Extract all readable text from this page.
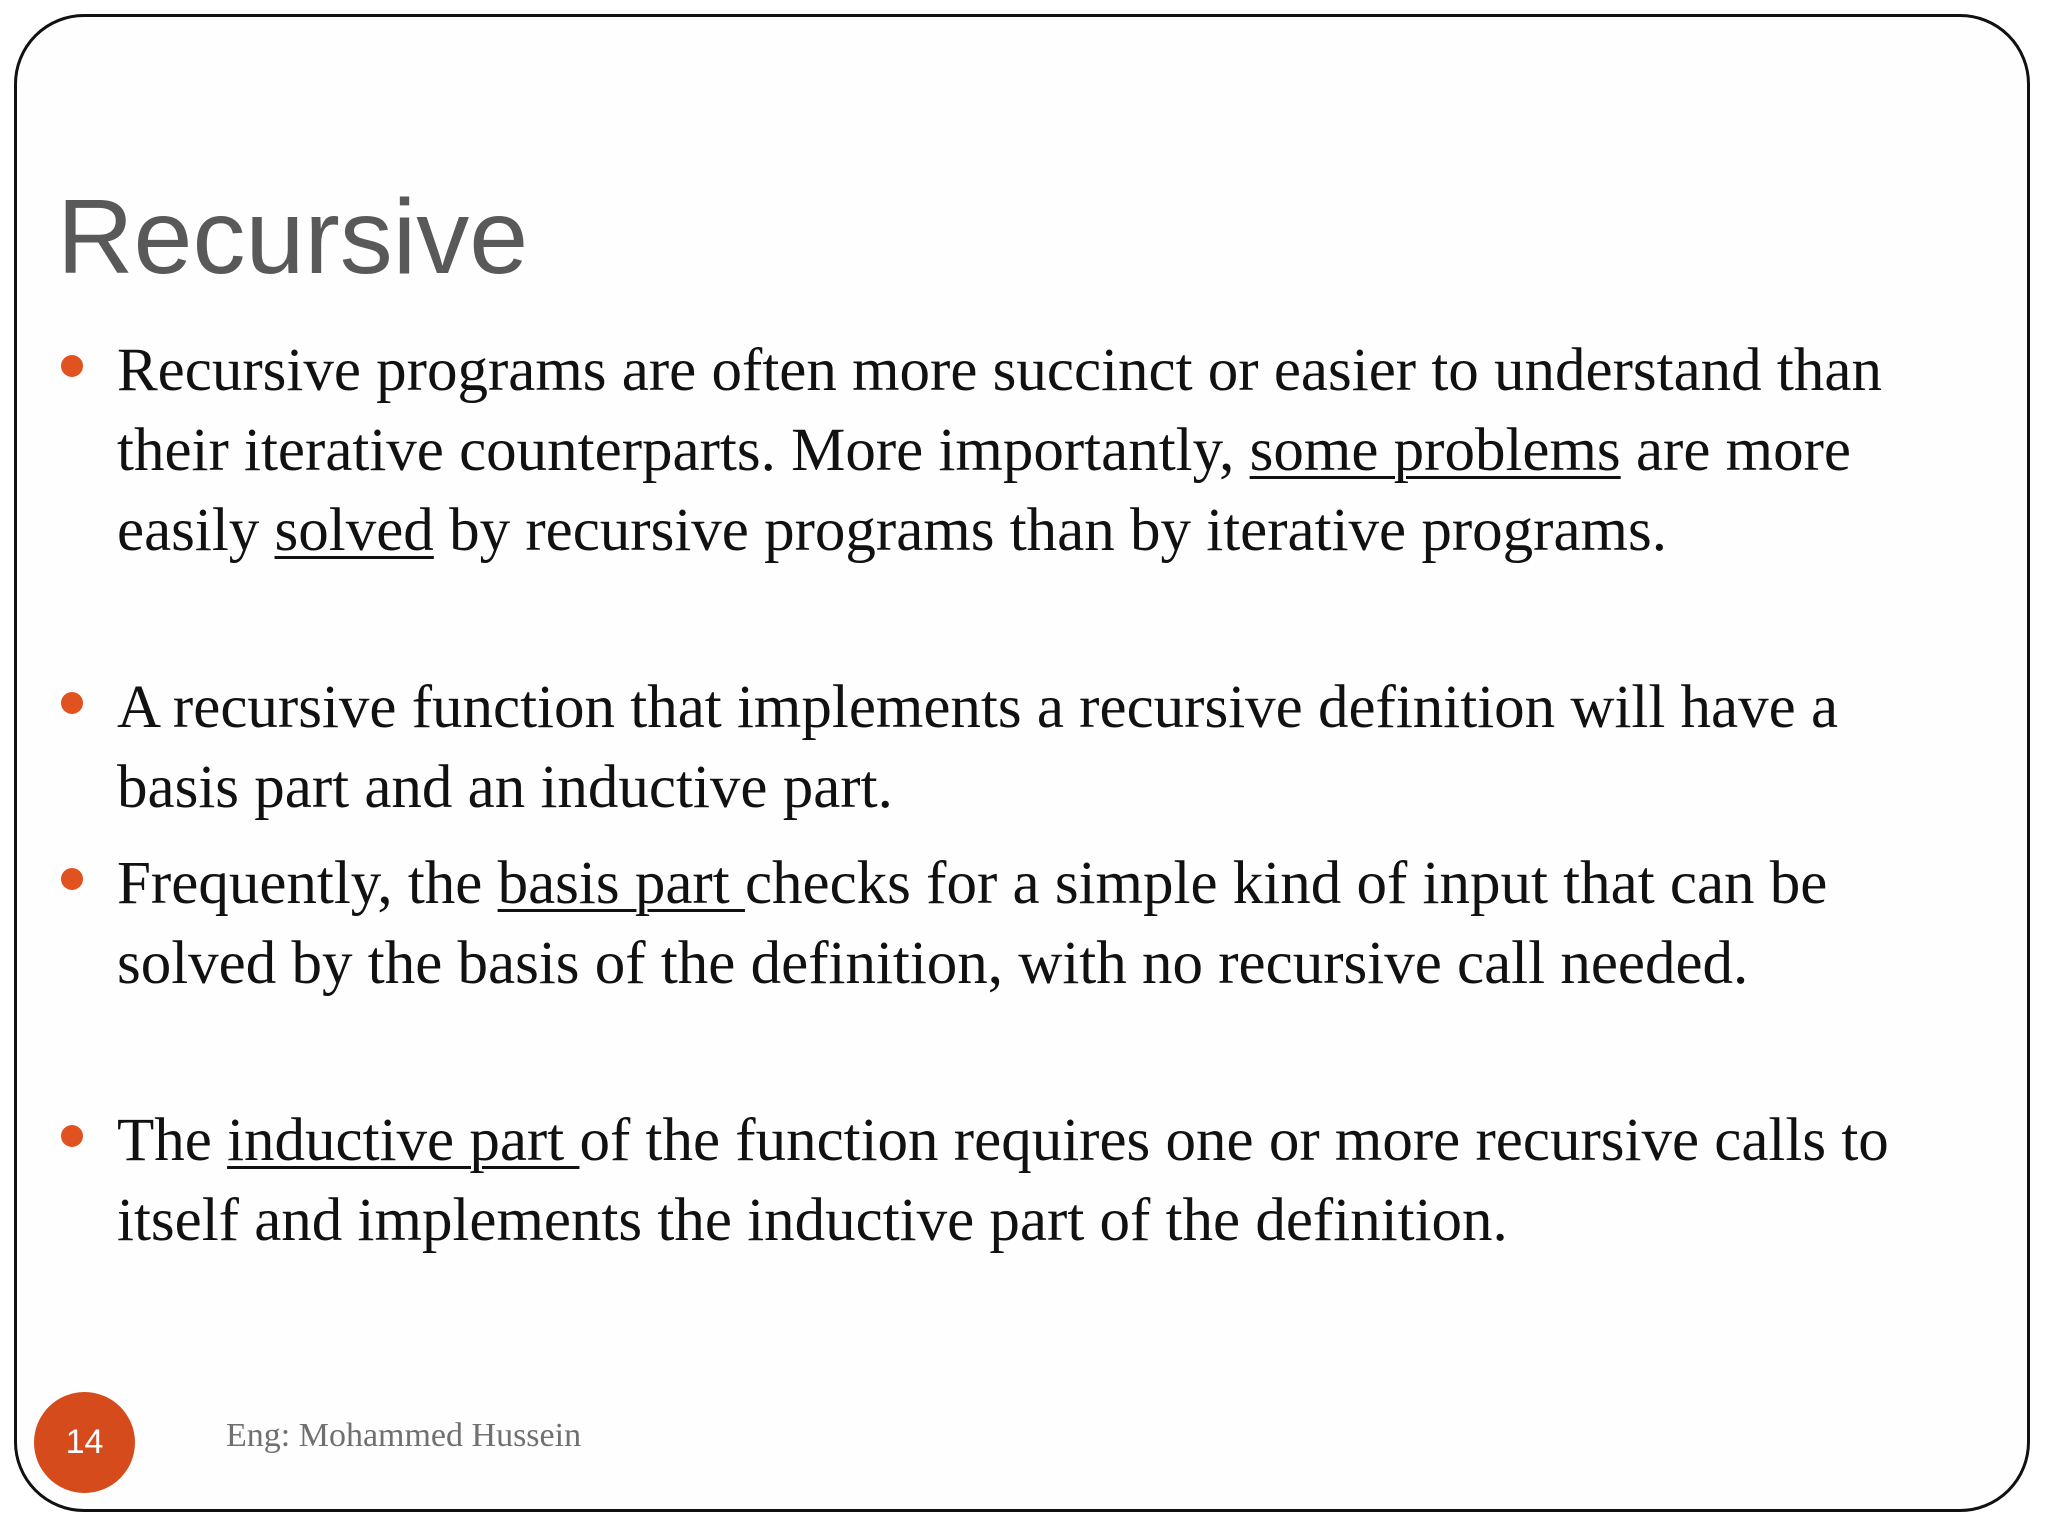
Recursive
Recursive programs are often more succinct or easier to understand than their iterative counterparts. More importantly, some problems are more easily solved by recursive programs than by iterative programs.
A recursive function that implements a recursive definition will have a basis part and an inductive part.
Frequently, the basis part checks for a simple kind of input that can be solved by the basis of the definition, with no recursive call needed.
The inductive part of the function requires one or more recursive calls to itself and implements the inductive part of the definition.
14	Eng: Mohammed Hussein
